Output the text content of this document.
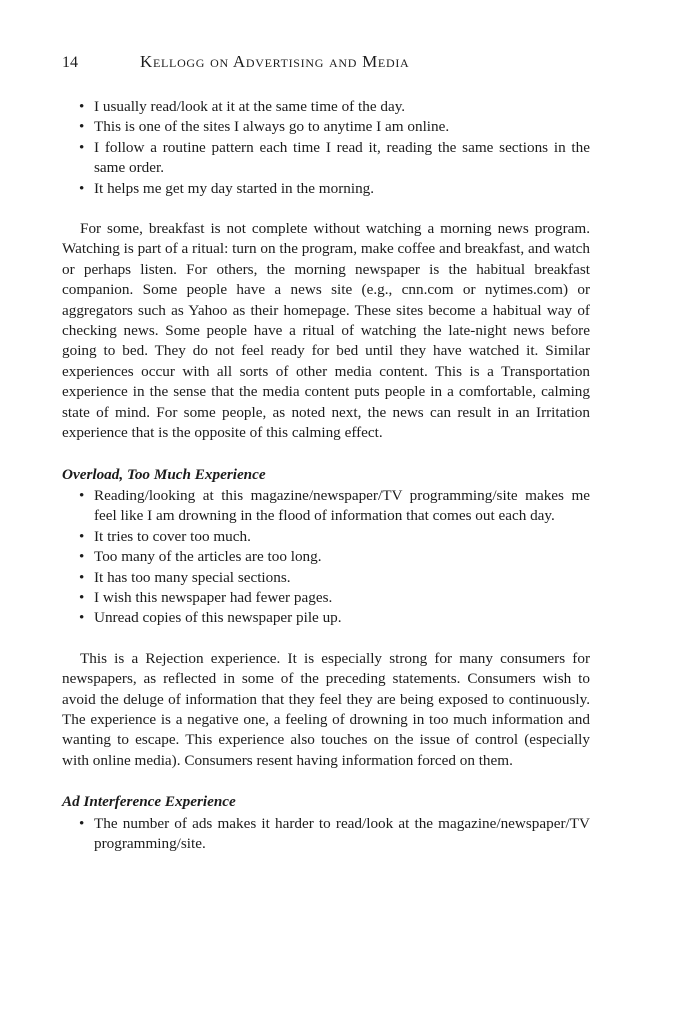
14	Kellogg on Advertising and Media
• I usually read/look at it at the same time of the day.
• This is one of the sites I always go to anytime I am online.
• I follow a routine pattern each time I read it, reading the same sections in the same order.
• It helps me get my day started in the morning.

For some, breakfast is not complete without watching a morning news program. Watching is part of a ritual: turn on the program, make coffee and breakfast, and watch or perhaps listen. For others, the morning newspaper is the habitual breakfast companion. Some people have a news site (e.g., cnn.com or nytimes.com) or aggregators such as Yahoo as their homepage. These sites become a habitual way of checking news. Some people have a ritual of watching the late-night news before going to bed. They do not feel ready for bed until they have watched it. Similar experiences occur with all sorts of other media content. This is a Transportation experience in the sense that the media content puts people in a comfortable, calming state of mind. For some people, as noted next, the news can result in an Irritation experience that is the opposite of this calming effect.

Overload, Too Much Experience
• Reading/looking at this magazine/newspaper/TV programming/site makes me feel like I am drowning in the flood of information that comes out each day.
• It tries to cover too much.
• Too many of the articles are too long.
• It has too many special sections.
• I wish this newspaper had fewer pages.
• Unread copies of this newspaper pile up.

This is a Rejection experience. It is especially strong for many consumers for newspapers, as reflected in some of the preceding statements. Consumers wish to avoid the deluge of information that they feel they are being exposed to continuously. The experience is a negative one, a feeling of drowning in too much information and wanting to escape. This experience also touches on the issue of control (especially with online media). Consumers resent having information forced on them.

Ad Interference Experience
• The number of ads makes it harder to read/look at the magazine/newspaper/TV programming/site.
